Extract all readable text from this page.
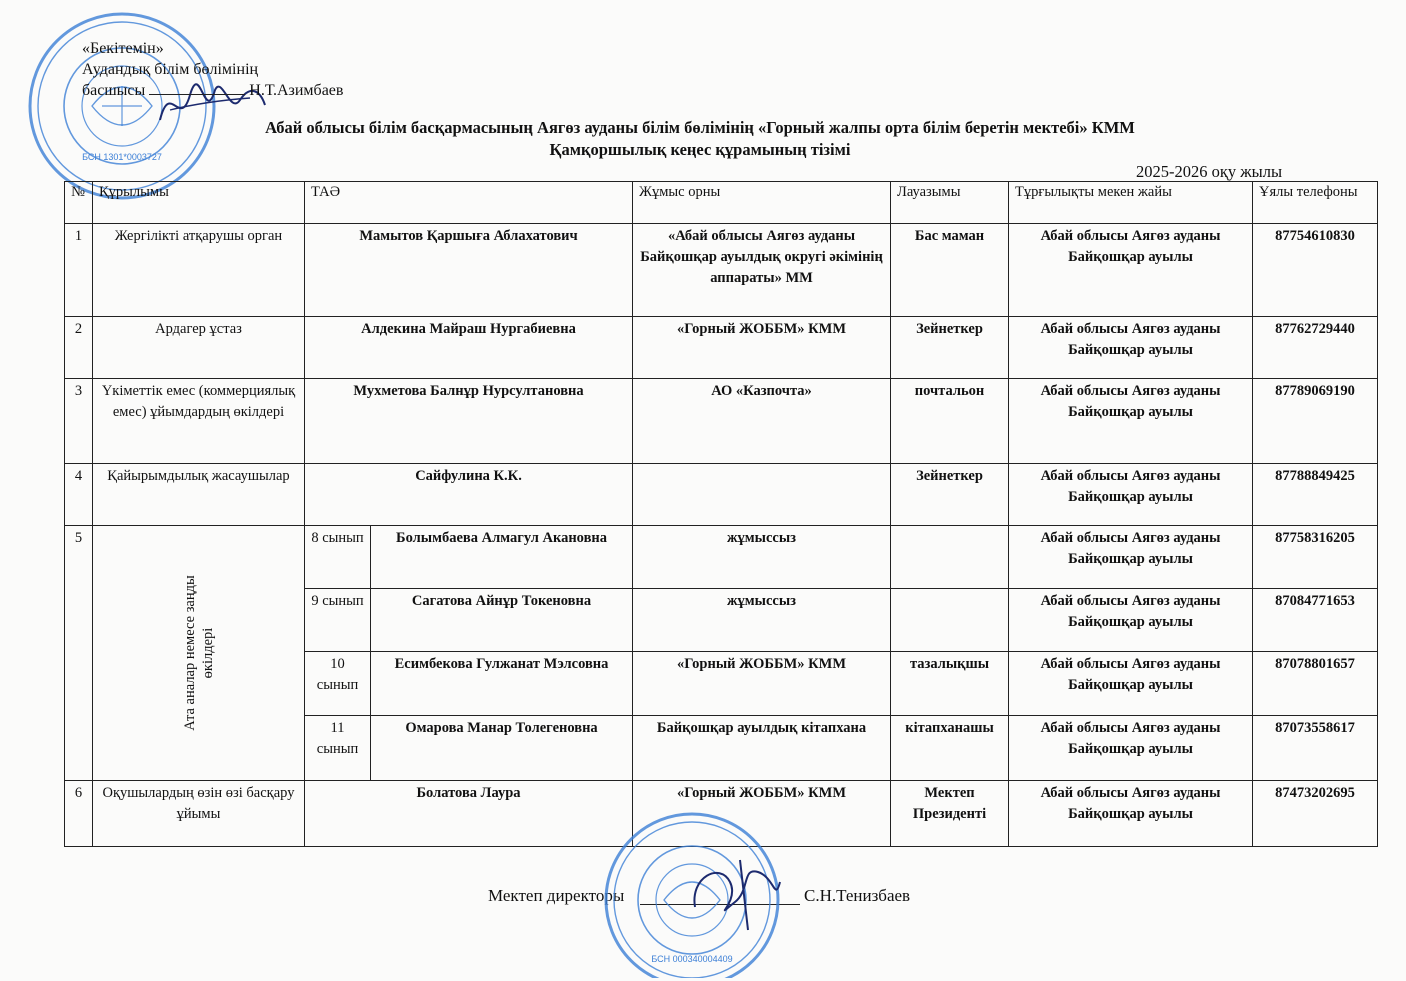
БСН 1301*0003727
«Бекітемін»
Аудандық білім бөлімінің
басшысы	Н.Т.Азимбаев
Абай облысы білім басқармасының Аягөз ауданы білім бөлімінің «Горный жалпы орта білім беретін мектебі» КММ
Қамқоршылық кеңес құрамының тізімі
2025-2026 оқу жылы
№	Құрылымы	ТАӘ		Жұмыс орны	Лауазымы	Тұрғылықты мекен жайы	Ұялы телефоны
1	Жергілікті атқарушы орган	Мамытов Қаршыға Аблахатович		«Абай облысы Аягөз ауданы Байқошқар ауылдық округі әкімінің аппараты» ММ	Бас маман	Абай облысы Аягөз ауданы Байқошқар ауылы	87754610830
2	Ардагер ұстаз	Алдекина Майраш Нургабиевна		«Горный ЖОББМ» КММ	Зейнеткер	Абай облысы Аягөз ауданы Байқошқар ауылы	87762729440
3	Үкіметтік емес (коммерциялық емес) ұйымдардың өкілдері	Мухметова Балнұр Нурсултановна		АО «Казпочта»	почтальон	Абай облысы Аягөз ауданы Байқошқар ауылы	87789069190
4	Қайырымдылық жасаушылар	Сайфулина К.К.			Зейнеткер	Абай облысы Аягөз ауданы Байқошқар ауылы	87788849425
5	Ата аналар немесе заңды өкілдері	8 сынып	Болымбаева Алмагул Акановна	жұмыссыз		Абай облысы Аягөз ауданы Байқошқар ауылы	87758316205
		9 сынып	Сагатова Айнұр Токеновна	жұмыссыз		Абай облысы Аягөз ауданы Байқошқар ауылы	87084771653
		10 сынып	Есимбекова Гулжанат Мэлсовна	«Горный ЖОББМ» КММ	тазалықшы	Абай облысы Аягөз ауданы Байқошқар ауылы	87078801657
		11 сынып	Омарова Манар Толегеновна	Байқошқар ауылдық кітапхана	кітапханашы	Абай облысы Аягөз ауданы Байқошқар ауылы	87073558617
6	Оқушылардың өзін өзі басқару ұйымы	Болатова Лаура		«Горный ЖОББМ» КММ	Мектеп Президенті	Абай облысы Аягөз ауданы Байқошқар ауылы	87473202695
Мектеп директоры	С.Н.Тенизбаев
БСН 000340004409
